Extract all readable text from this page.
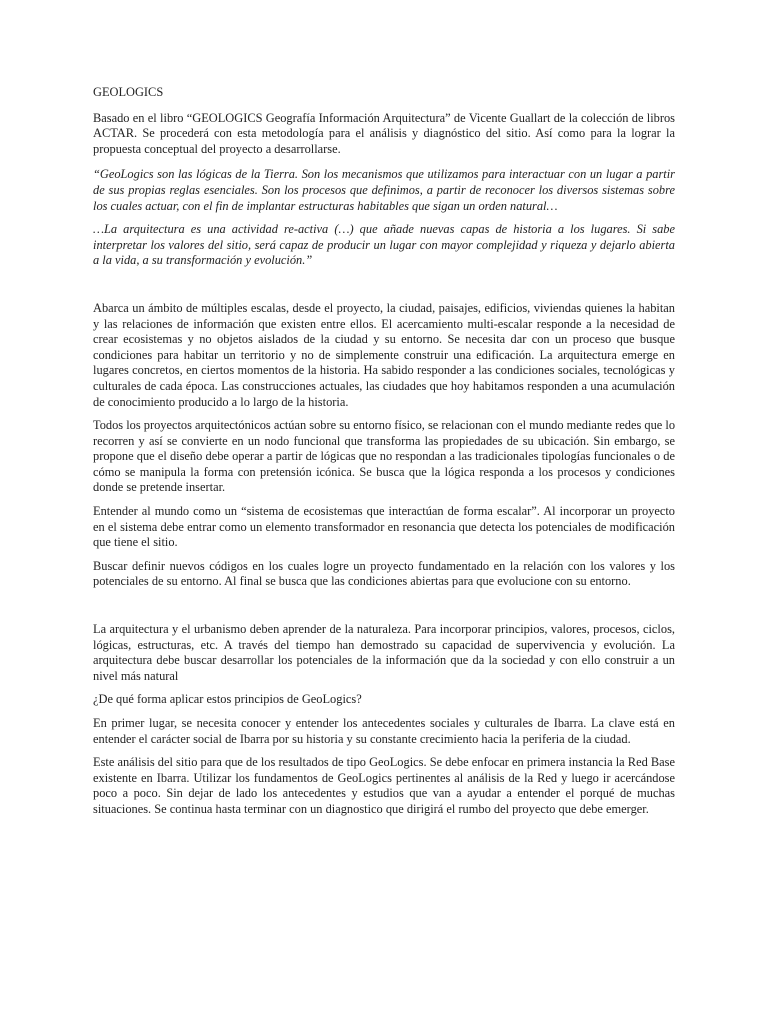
GEOLOGICS

Basado en el libro “GEOLOGICS Geografía Información Arquitectura” de Vicente Guallart de la colección de libros ACTAR. Se procederá con esta metodología para el análisis y diagnóstico del sitio. Así como para la lograr la propuesta conceptual del proyecto a desarrollarse.

“GeoLogics son las lógicas de la Tierra. Son los mecanismos que utilizamos para interactuar con un lugar a partir de sus propias reglas esenciales. Son los procesos que definimos, a partir de reconocer los diversos sistemas sobre los cuales actuar, con el fin de implantar estructuras habitables que sigan un orden natural…

…La arquitectura es una actividad re-activa (…) que añade nuevas capas de historia a los lugares. Si sabe interpretar los valores del sitio, será capaz de producir un lugar con mayor complejidad y riqueza y dejarlo abierta a la vida, a su transformación y evolución.”

Abarca un ámbito de múltiples escalas, desde el proyecto, la ciudad, paisajes, edificios, viviendas quienes la habitan y las relaciones de información que existen entre ellos. El acercamiento multi-escalar responde a la necesidad de crear ecosistemas y no objetos aislados de la ciudad y su entorno. Se necesita dar con un proceso que busque condiciones para habitar un territorio y no de simplemente construir una edificación. La arquitectura emerge en lugares concretos, en ciertos momentos de la historia. Ha sabido responder a las condiciones sociales, tecnológicas y culturales de cada época. Las construcciones actuales, las ciudades que hoy habitamos responden a una acumulación de conocimiento producido a lo largo de la historia.

Todos los proyectos arquitectónicos actúan sobre su entorno físico, se relacionan con el mundo mediante redes que lo recorren y así se convierte en un nodo funcional que transforma las propiedades de su ubicación. Sin embargo, se propone que el diseño debe operar a partir de lógicas que no respondan a las tradicionales tipologías funcionales o de cómo se manipula la forma con pretensión icónica. Se busca que la lógica responda a los procesos y condiciones donde se pretende insertar.

Entender al mundo como un “sistema de ecosistemas que interactúan de forma escalar”. Al incorporar un proyecto en el sistema debe entrar como un elemento transformador en resonancia que detecta los potenciales de modificación que tiene el sitio.

Buscar definir nuevos códigos en los cuales logre un proyecto fundamentado en la relación con los valores y los potenciales de su entorno. Al final se busca que las condiciones abiertas para que evolucione con su entorno.

La arquitectura y el urbanismo deben aprender de la naturaleza. Para incorporar principios, valores, procesos, ciclos, lógicas, estructuras, etc. A través del tiempo han demostrado su capacidad de supervivencia y evolución. La arquitectura debe buscar desarrollar los potenciales de la información que da la sociedad y con ello construir a un nivel más natural

¿De qué forma aplicar estos principios de GeoLogics?

En primer lugar, se necesita conocer y entender los antecedentes sociales y culturales de Ibarra. La clave está en entender el carácter social de Ibarra por su historia y su constante crecimiento hacia la periferia de la ciudad.

Este análisis del sitio para que de los resultados de tipo GeoLogics. Se debe enfocar en primera instancia la Red Base existente en Ibarra. Utilizar los fundamentos de GeoLogics pertinentes al análisis de la Red y luego ir acercándose poco a poco. Sin dejar de lado los antecedentes y estudios que van a ayudar a entender el porqué de muchas situaciones. Se continua hasta terminar con un diagnostico que dirigirá el rumbo del proyecto que debe emerger.
